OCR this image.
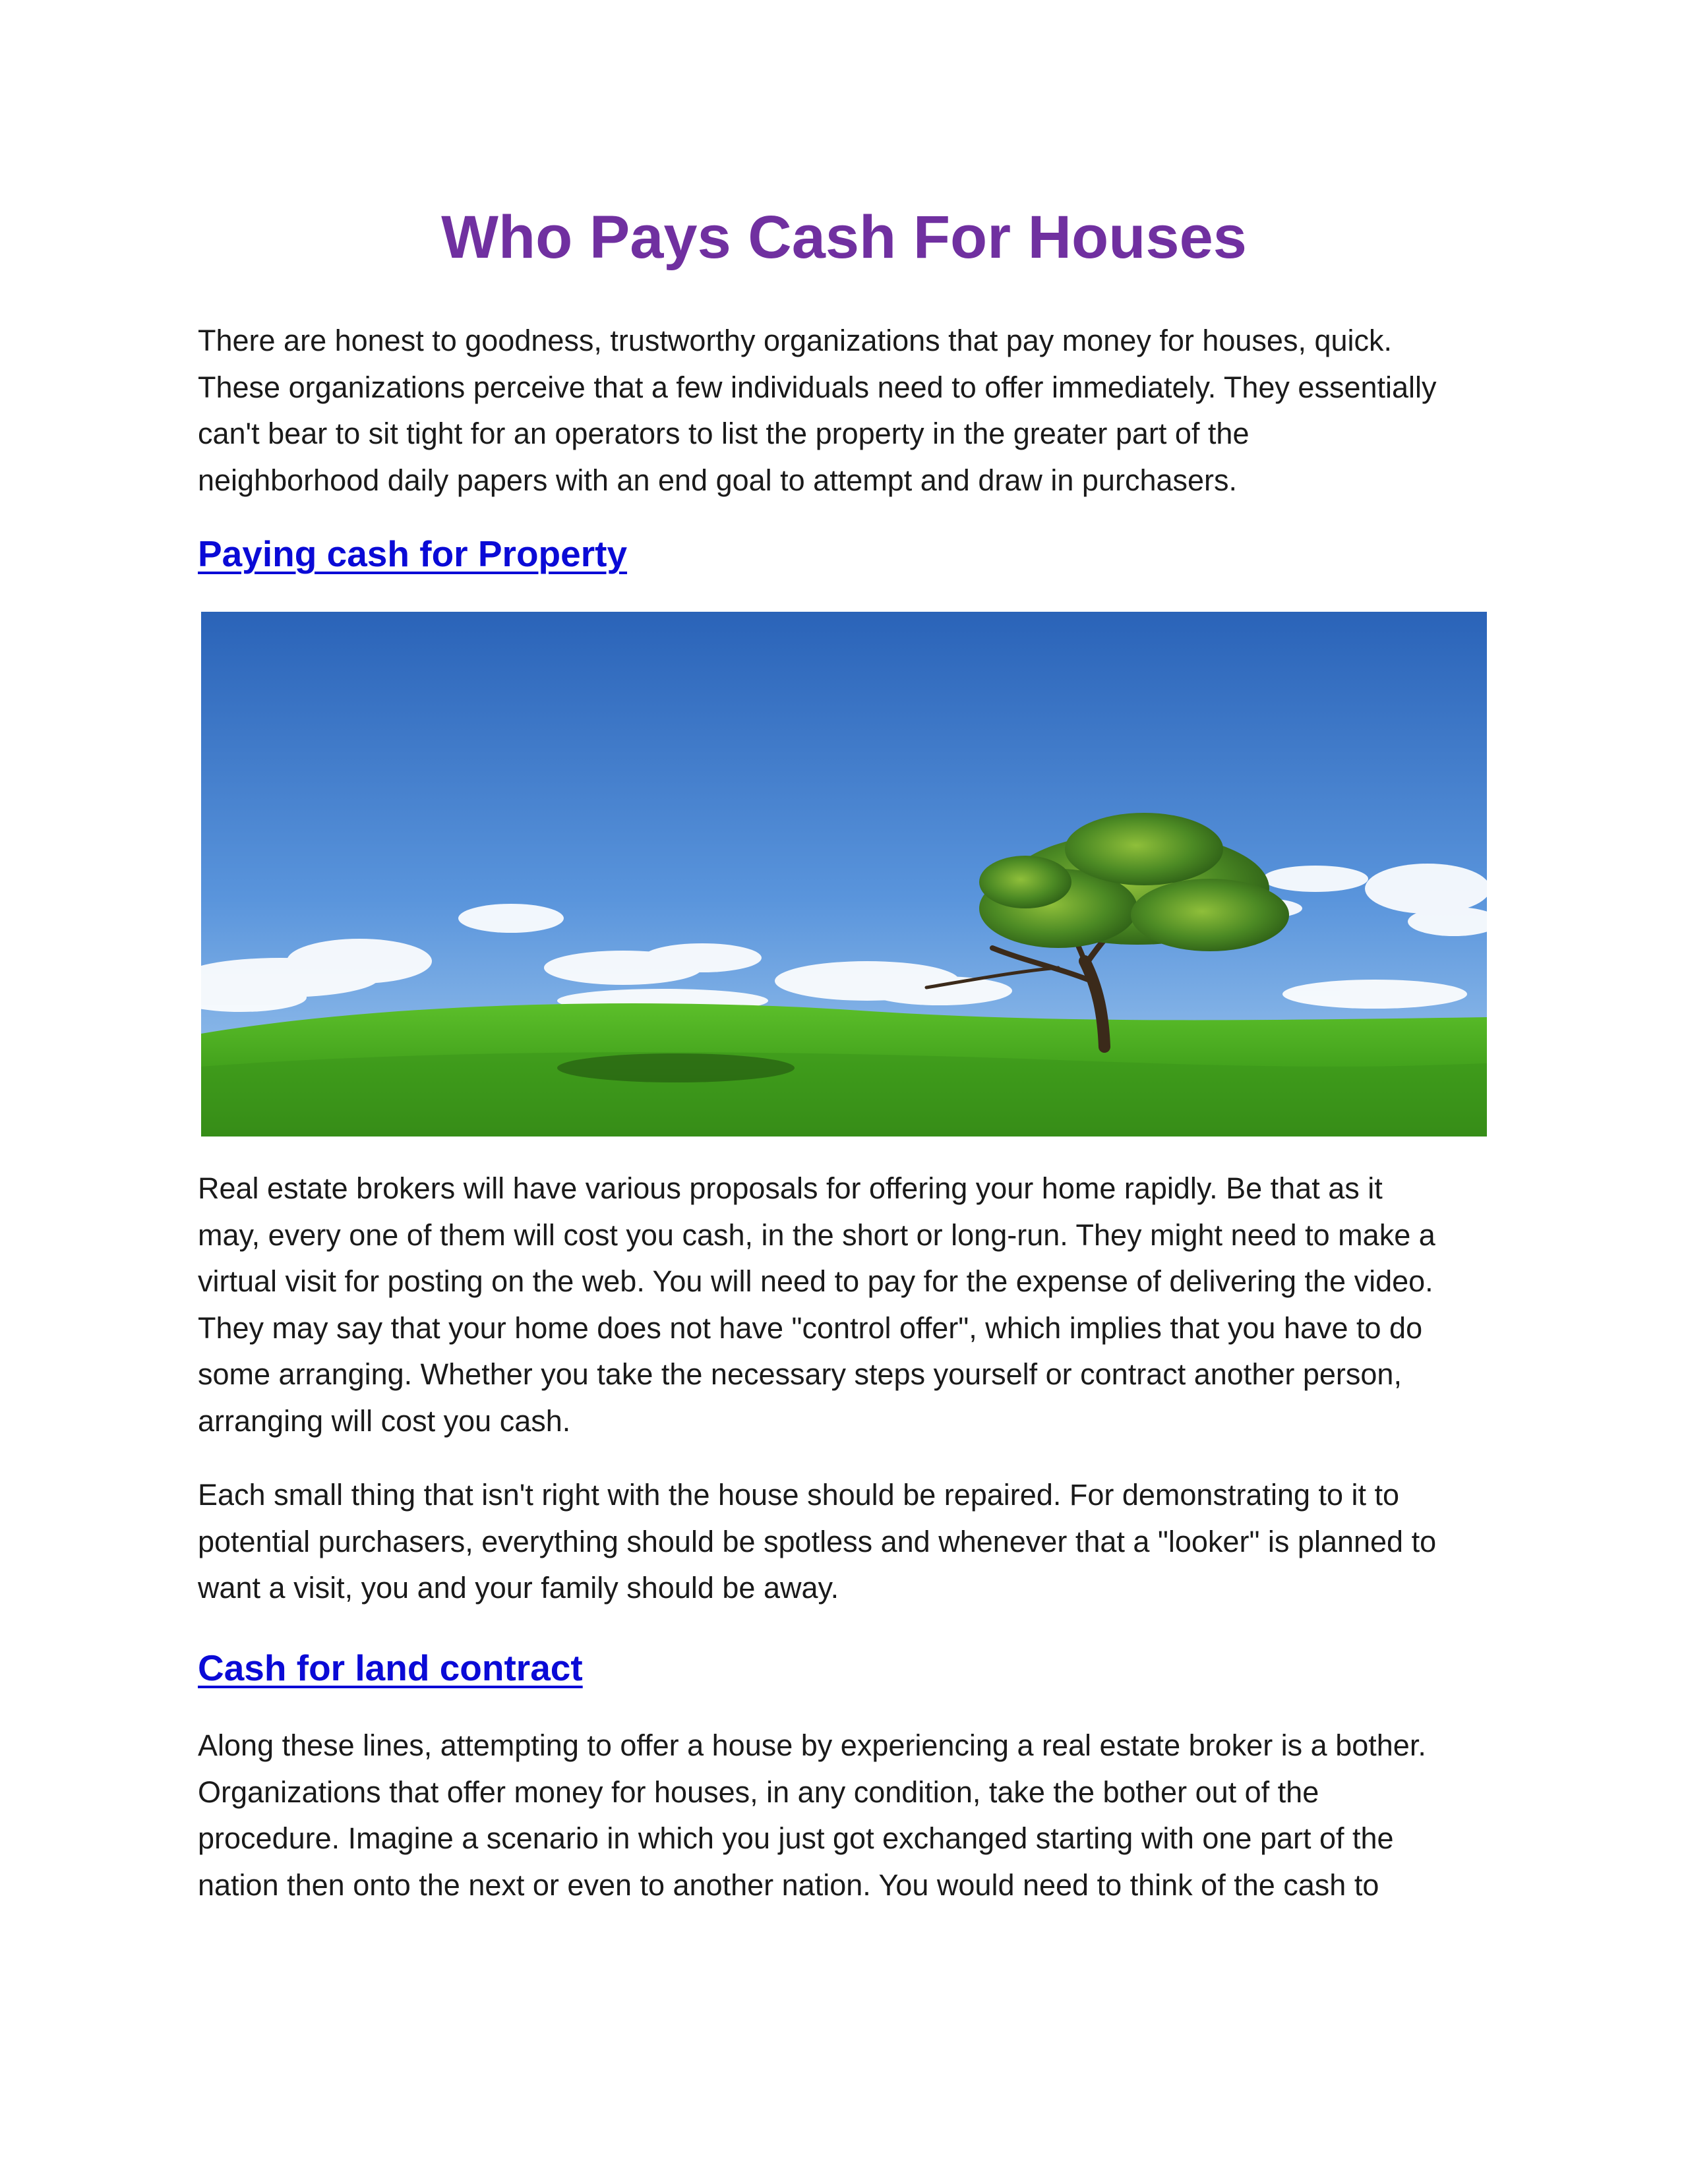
Who Pays Cash For Houses

There are honest to goodness, trustworthy organizations that pay money for houses, quick.
These organizations perceive that a few individuals need to offer immediately. They essentially
can't bear to sit tight for an operators to list the property in the greater part of the
neighborhood daily papers with an end goal to attempt and draw in purchasers.

Paying cash for Property

Real estate brokers will have various proposals for offering your home rapidly. Be that as it
may, every one of them will cost you cash, in the short or long-run. They might need to make a
virtual visit for posting on the web. You will need to pay for the expense of delivering the video.
They may say that your home does not have "control offer", which implies that you have to do
some arranging. Whether you take the necessary steps yourself or contract another person,
arranging will cost you cash.

Each small thing that isn't right with the house should be repaired. For demonstrating to it to
potential purchasers, everything should be spotless and whenever that a "looker" is planned to
want a visit, you and your family should be away.

Cash for land contract

Along these lines, attempting to offer a house by experiencing a real estate broker is a bother.
Organizations that offer money for houses, in any condition, take the bother out of the
procedure. Imagine a scenario in which you just got exchanged starting with one part of the
nation then onto the next or even to another nation. You would need to think of the cash to
